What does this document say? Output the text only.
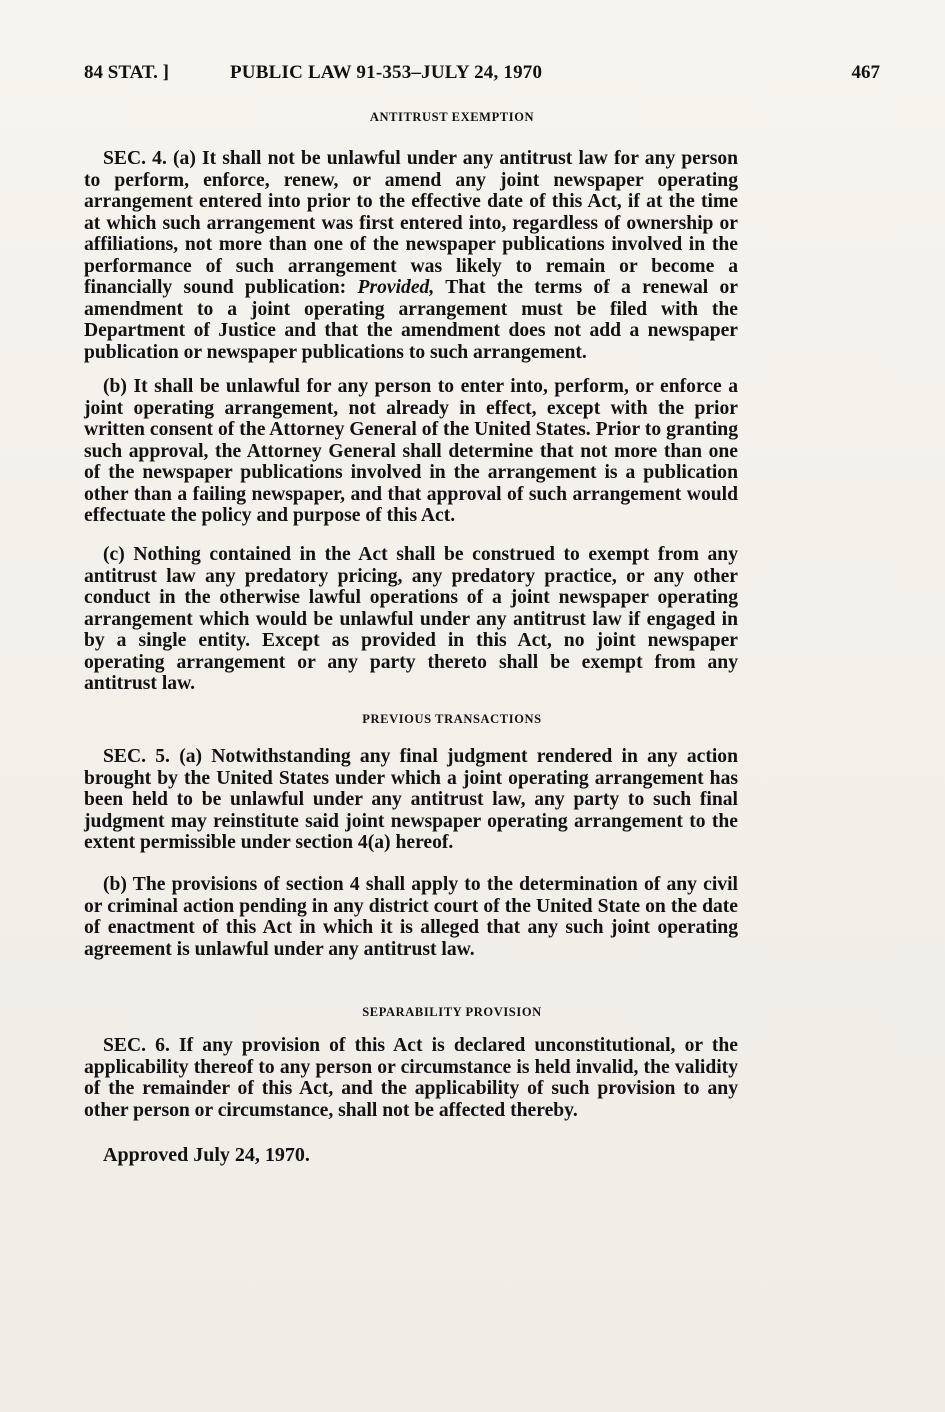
84 STAT. ]	PUBLIC LAW 91-353–JULY 24, 1970	467
ANTITRUST EXEMPTION
SEC. 4. (a) It shall not be unlawful under any antitrust law for any person to perform, enforce, renew, or amend any joint newspaper operating arrangement entered into prior to the effective date of this Act, if at the time at which such arrangement was first entered into, regardless of ownership or affiliations, not more than one of the newspaper publications involved in the performance of such arrangement was likely to remain or become a financially sound publication: Provided, That the terms of a renewal or amendment to a joint operating arrangement must be filed with the Department of Justice and that the amendment does not add a newspaper publication or newspaper publications to such arrangement.
(b) It shall be unlawful for any person to enter into, perform, or enforce a joint operating arrangement, not already in effect, except with the prior written consent of the Attorney General of the United States. Prior to granting such approval, the Attorney General shall determine that not more than one of the newspaper publications involved in the arrangement is a publication other than a failing newspaper, and that approval of such arrangement would effectuate the policy and purpose of this Act.
(c) Nothing contained in the Act shall be construed to exempt from any antitrust law any predatory pricing, any predatory practice, or any other conduct in the otherwise lawful operations of a joint newspaper operating arrangement which would be unlawful under any antitrust law if engaged in by a single entity. Except as provided in this Act, no joint newspaper operating arrangement or any party thereto shall be exempt from any antitrust law.
PREVIOUS TRANSACTIONS
SEC. 5. (a) Notwithstanding any final judgment rendered in any action brought by the United States under which a joint operating arrangement has been held to be unlawful under any antitrust law, any party to such final judgment may reinstitute said joint newspaper operating arrangement to the extent permissible under section 4(a) hereof.
(b) The provisions of section 4 shall apply to the determination of any civil or criminal action pending in any district court of the United State on the date of enactment of this Act in which it is alleged that any such joint operating agreement is unlawful under any antitrust law.
SEPARABILITY PROVISION
SEC. 6. If any provision of this Act is declared unconstitutional, or the applicability thereof to any person or circumstance is held invalid, the validity of the remainder of this Act, and the applicability of such provision to any other person or circumstance, shall not be affected thereby.
Approved July 24, 1970.
